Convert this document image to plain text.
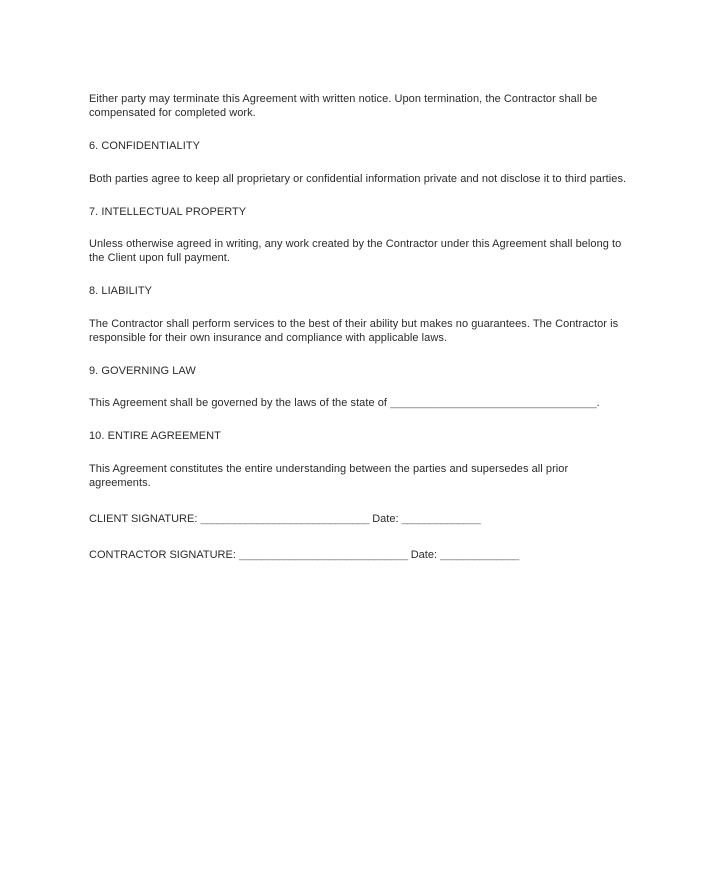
Either party may terminate this Agreement with written notice. Upon termination, the Contractor shall be compensated for completed work.

6. CONFIDENTIALITY

Both parties agree to keep all proprietary or confidential information private and not disclose it to third parties.

7. INTELLECTUAL PROPERTY

Unless otherwise agreed in writing, any work created by the Contractor under this Agreement shall belong to the Client upon full payment.

8. LIABILITY

The Contractor shall perform services to the best of their ability but makes no guarantees. The Contractor is responsible for their own insurance and compliance with applicable laws.

9. GOVERNING LAW

This Agreement shall be governed by the laws of the state of ___________________________________.

10. ENTIRE AGREEMENT

This Agreement constitutes the entire understanding between the parties and supersedes all prior agreements.

CLIENT SIGNATURE: ______________________________ Date: ______________

CONTRACTOR SIGNATURE: ______________________________ Date: ______________
